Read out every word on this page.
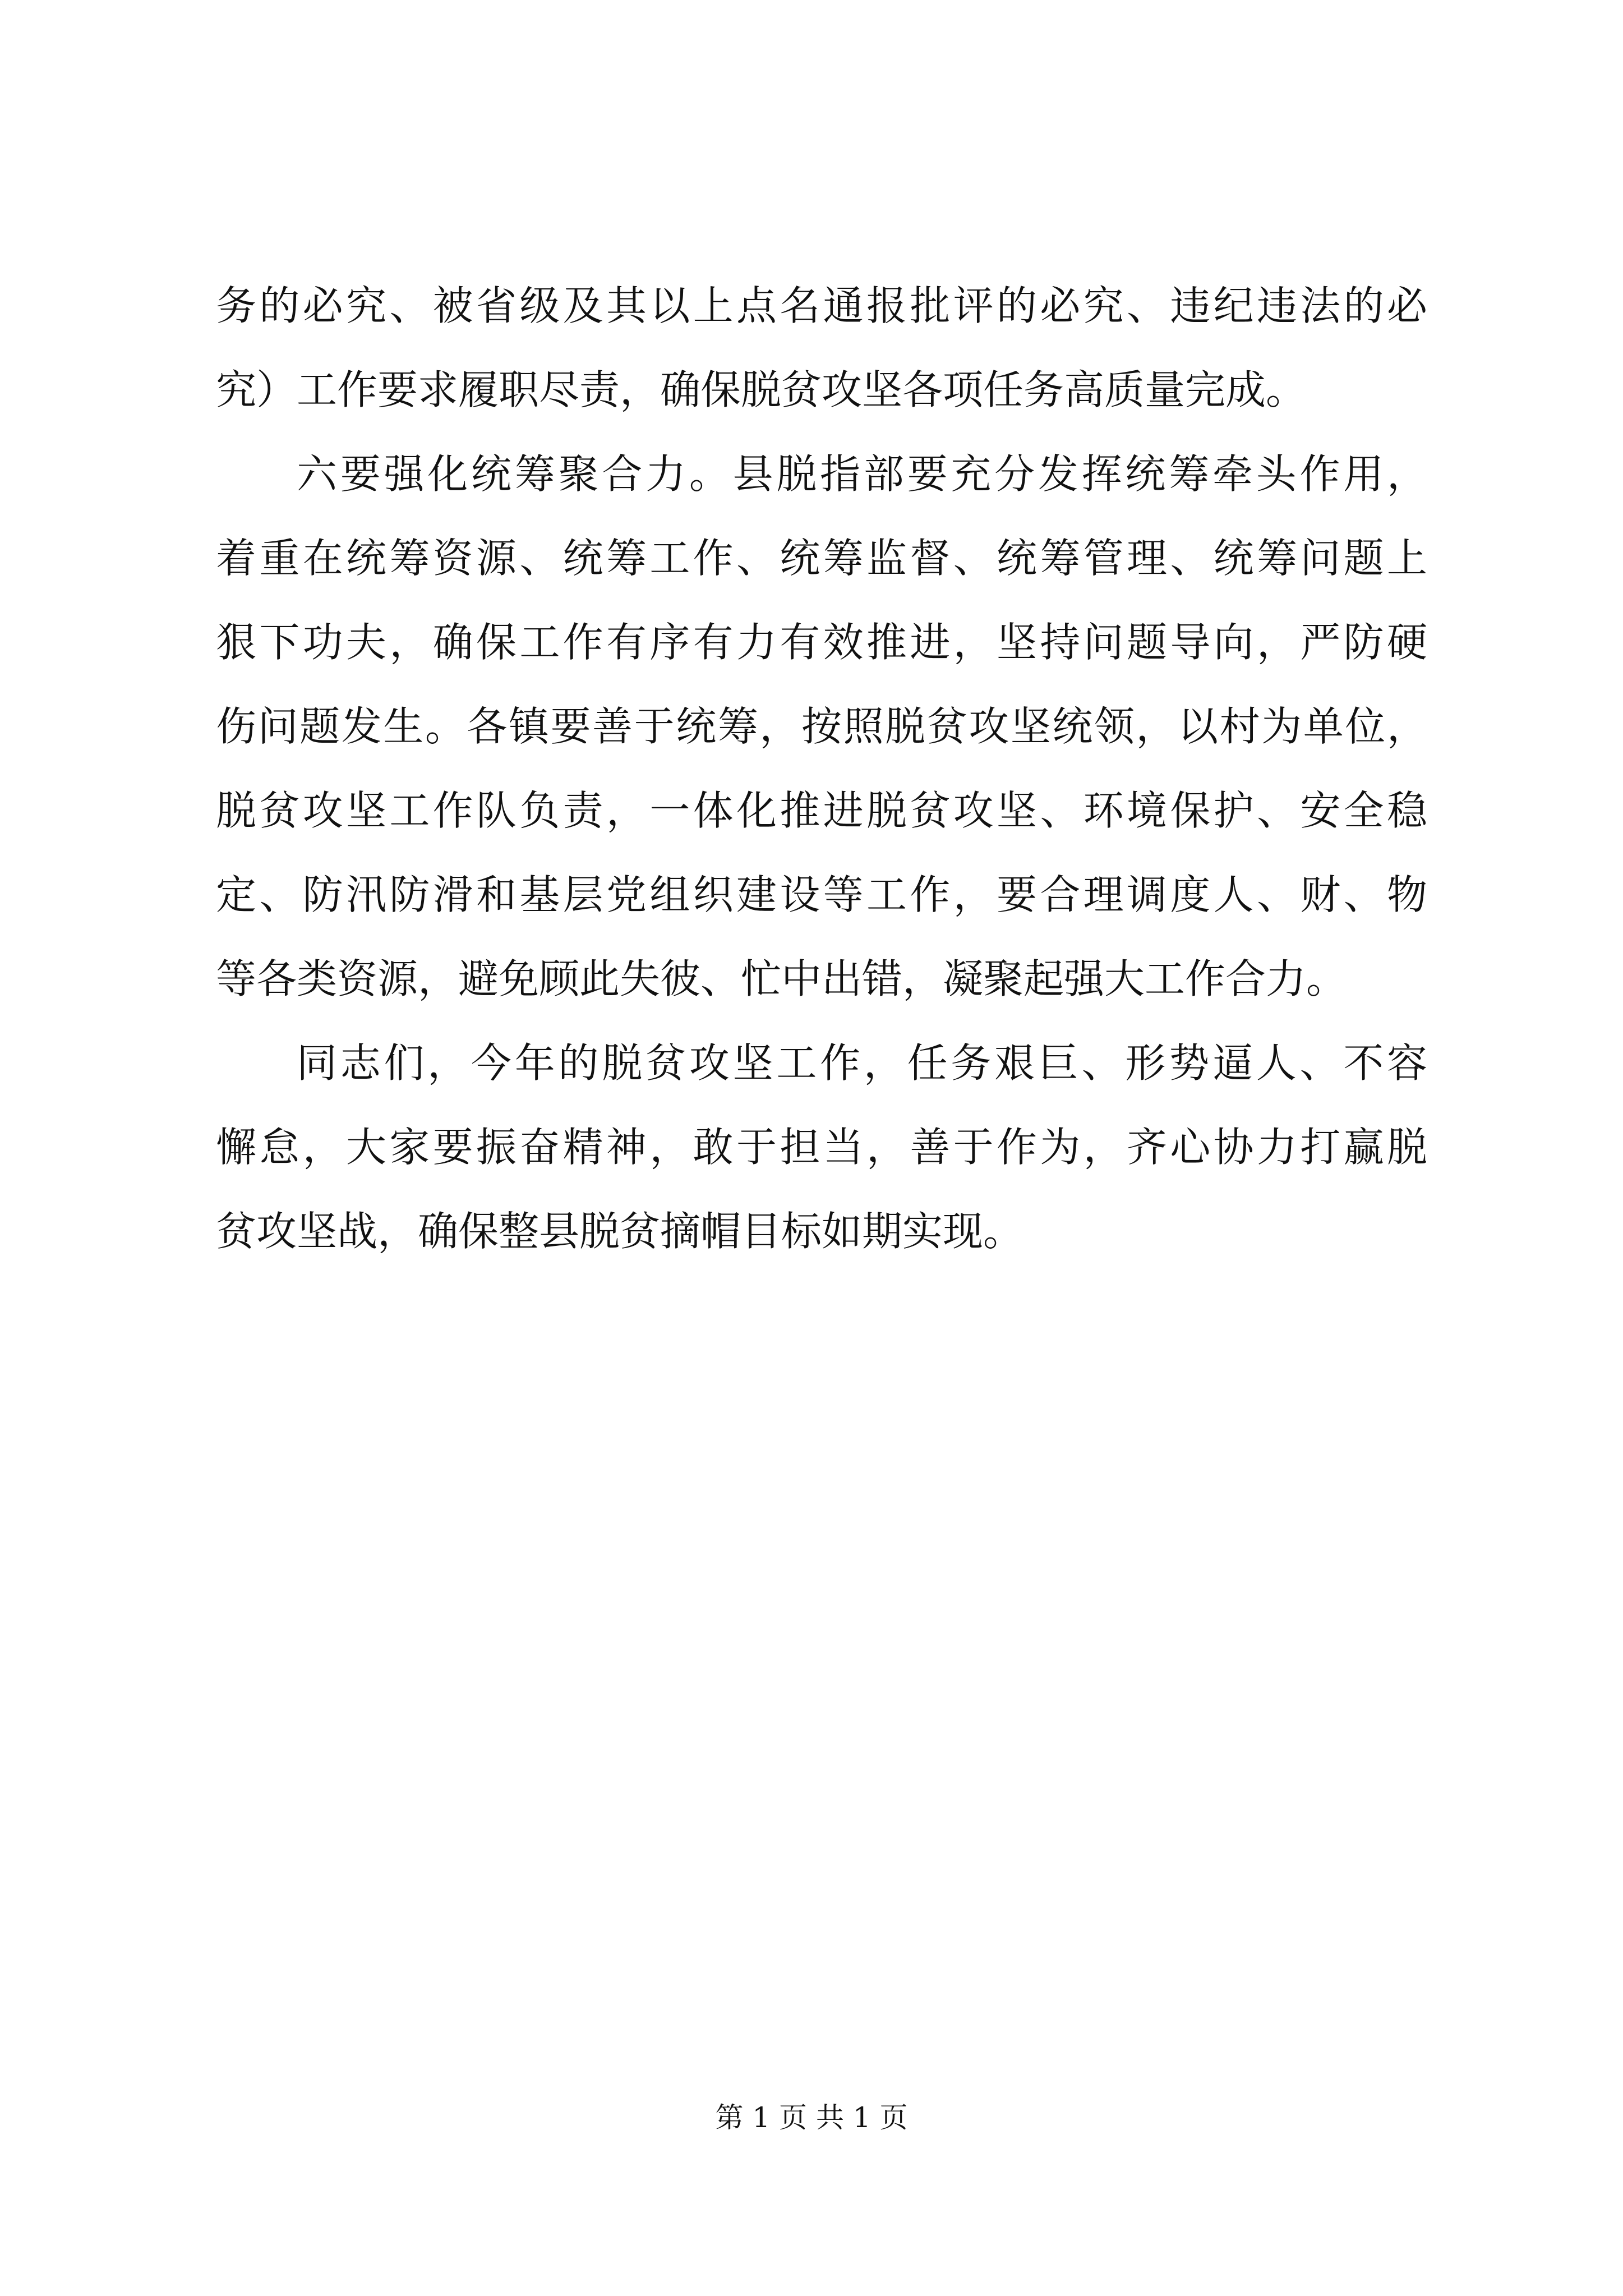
务的必究、被省级及其以上点名通报批评的必究、违纪违法的必
究）工作要求履职尽责，确保脱贫攻坚各项任务高质量完成。
六要强化统筹聚合力。县脱指部要充分发挥统筹牵头作用，
着重在统筹资源、统筹工作、统筹监督、统筹管理、统筹问题上
狠下功夫，确保工作有序有力有效推进，坚持问题导向，严防硬
伤问题发生。各镇要善于统筹，按照脱贫攻坚统领，以村为单位，
脱贫攻坚工作队负责，一体化推进脱贫攻坚、环境保护、安全稳
定、防汛防滑和基层党组织建设等工作，要合理调度人、财、物
等各类资源，避免顾此失彼、忙中出错，凝聚起强大工作合力。
同志们，今年的脱贫攻坚工作，任务艰巨、形势逼人、不容
懈怠，大家要振奋精神，敢于担当，善于作为，齐心协力打赢脱
贫攻坚战，确保整县脱贫摘帽目标如期实现。
第 1 页 共 1 页
